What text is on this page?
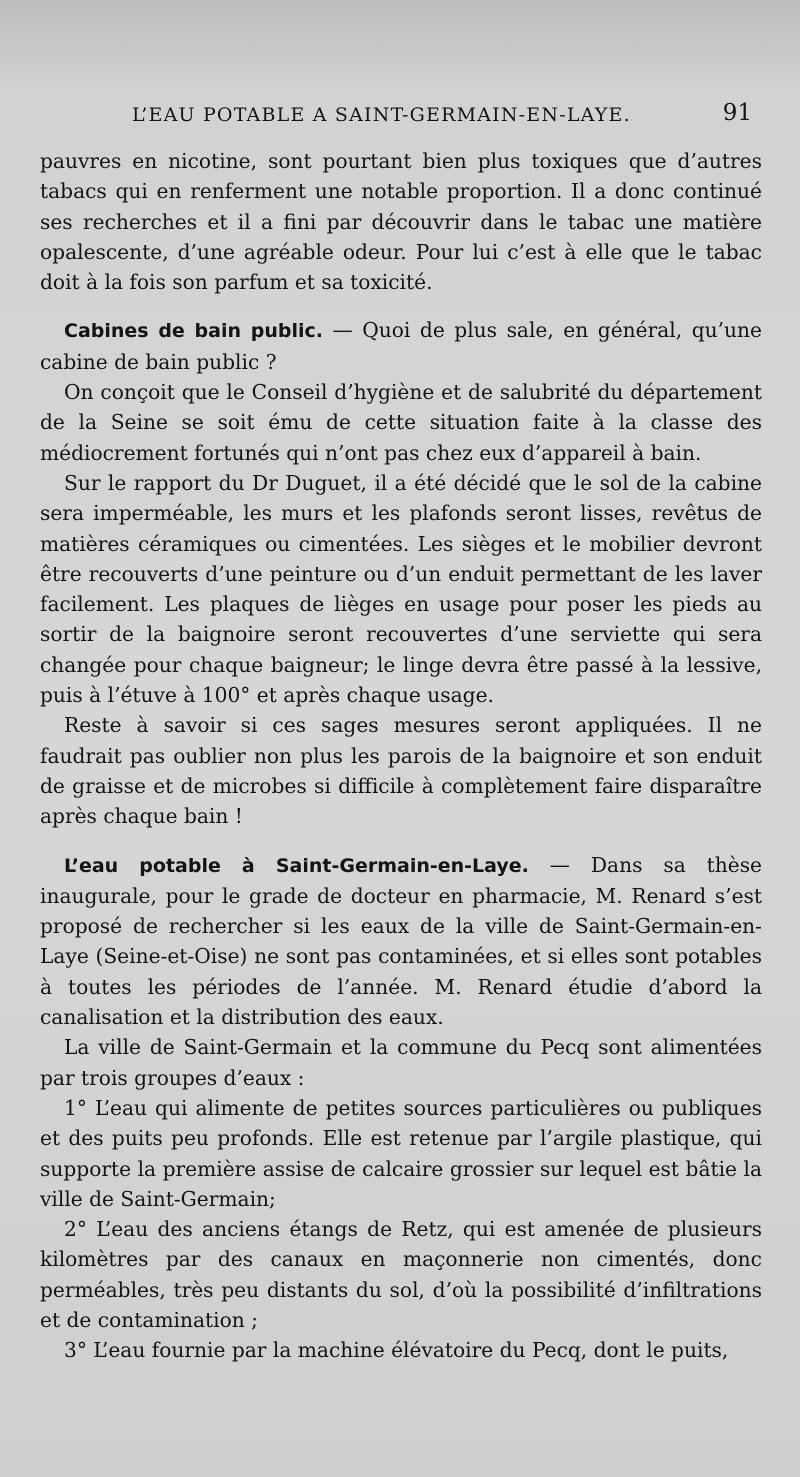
L’EAU POTABLE A SAINT-GERMAIN-EN-LAYE.	91

pauvres en nicotine, sont pourtant bien plus toxiques que d’autres tabacs qui en renferment une notable proportion. Il a donc continué ses recherches et il a fini par découvrir dans le tabac une matière opalescente, d’une agréable odeur. Pour lui c’est à elle que le tabac doit à la fois son parfum et sa toxicité.

Cabines de bain public. — Quoi de plus sale, en général, qu’une cabine de bain public ?

On conçoit que le Conseil d’hygiène et de salubrité du département de la Seine se soit ému de cette situation faite à la classe des médiocrement fortunés qui n’ont pas chez eux d’appareil à bain.

Sur le rapport du Dr Duguet, il a été décidé que le sol de la cabine sera imperméable, les murs et les plafonds seront lisses, revêtus de matières céramiques ou cimentées. Les sièges et le mobilier devront être recouverts d’une peinture ou d’un enduit permettant de les laver facilement. Les plaques de lièges en usage pour poser les pieds au sortir de la baignoire seront recouvertes d’une serviette qui sera changée pour chaque baigneur; le linge devra être passé à la lessive, puis à l’étuve à 100° et après chaque usage.

Reste à savoir si ces sages mesures seront appliquées. Il ne faudrait pas oublier non plus les parois de la baignoire et son enduit de graisse et de microbes si difficile à complètement faire disparaître après chaque bain !

L’eau potable à Saint-Germain-en-Laye. — Dans sa thèse inaugurale, pour le grade de docteur en pharmacie, M. Renard s’est proposé de rechercher si les eaux de la ville de Saint-Germain-en-Laye (Seine-et-Oise) ne sont pas contaminées, et si elles sont potables à toutes les périodes de l’année. M. Renard étudie d’abord la canalisation et la distribution des eaux.

La ville de Saint-Germain et la commune du Pecq sont alimentées par trois groupes d’eaux :

1° L’eau qui alimente de petites sources particulières ou publiques et des puits peu profonds. Elle est retenue par l’argile plastique, qui supporte la première assise de calcaire grossier sur lequel est bâtie la ville de Saint-Germain;

2° L’eau des anciens étangs de Retz, qui est amenée de plusieurs kilomètres par des canaux en maçonnerie non cimentés, donc perméables, très peu distants du sol, d’où la possibilité d’infiltrations et de contamination ;

3° L’eau fournie par la machine élévatoire du Pecq, dont le puits,
